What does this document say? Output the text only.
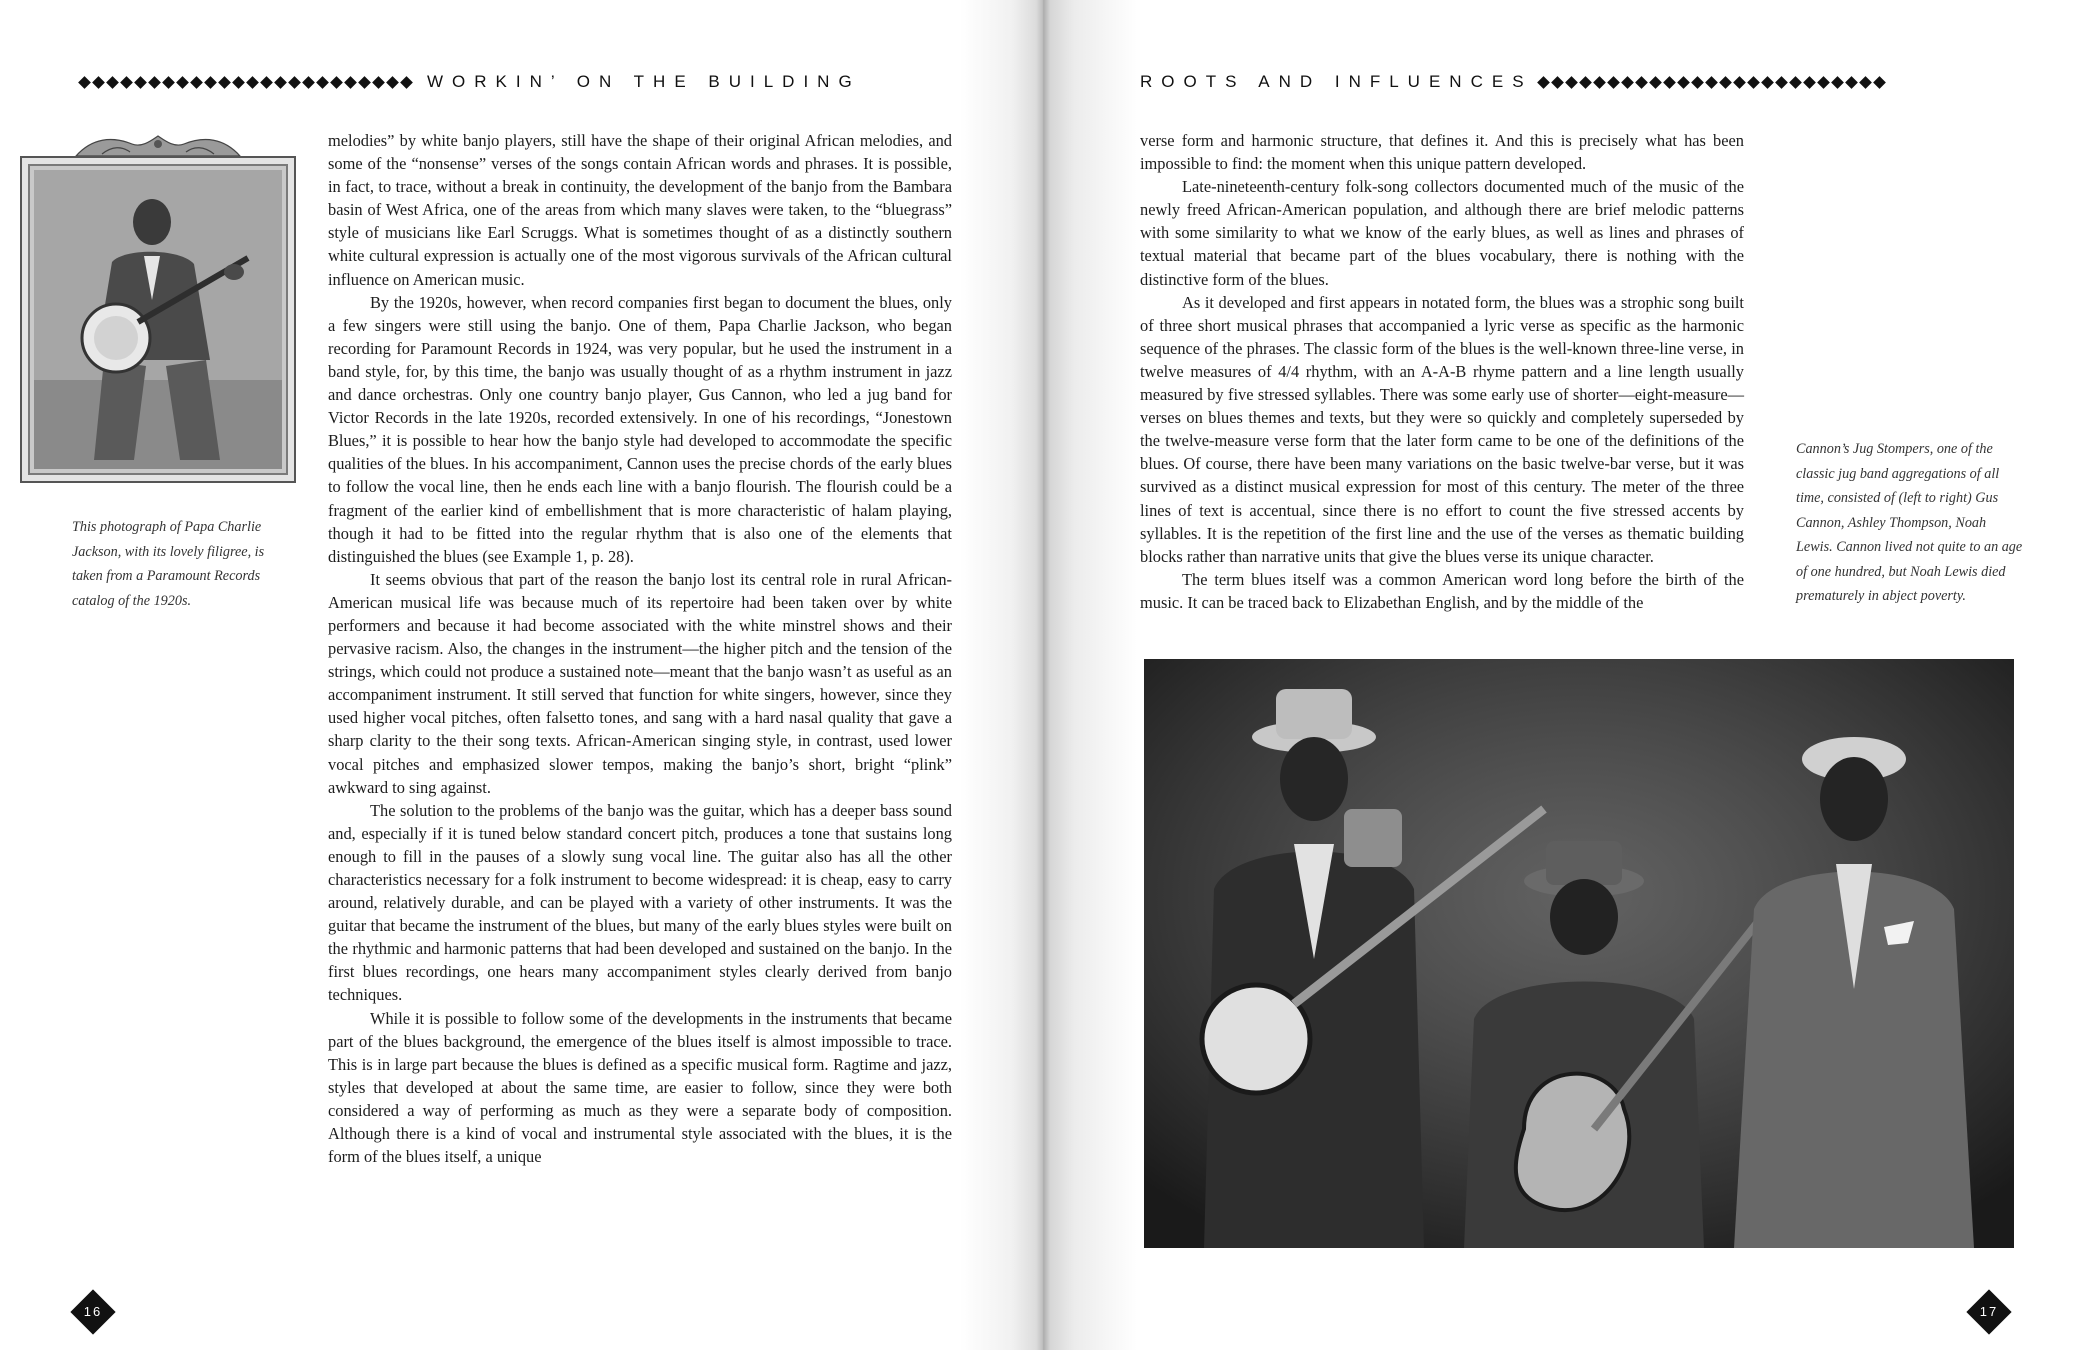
WORKIN’ ON THE BUILDING
This photograph of Papa Charlie Jackson, with its lovely filigree, is taken from a Paramount Records catalog of the 1920s.

melodies” by white banjo players, still have the shape of their original African melodies, and some of the “nonsense” verses of the songs contain African words and phrases. It is possible, in fact, to trace, without a break in continuity, the development of the banjo from the Bambara basin of West Africa, one of the areas from which many slaves were taken, to the “bluegrass” style of musicians like Earl Scruggs. What is sometimes thought of as a distinctly southern white cultural expression is actually one of the most vigorous survivals of the African cultural influence on American music.

By the 1920s, however, when record companies first began to document the blues, only a few singers were still using the banjo. One of them, Papa Charlie Jackson, who began recording for Paramount Records in 1924, was very popular, but he used the instrument in a band style, for, by this time, the banjo was usually thought of as a rhythm instrument in jazz and dance orchestras. Only one country banjo player, Gus Cannon, who led a jug band for Victor Records in the late 1920s, recorded extensively. In one of his recordings, “Jonestown Blues,” it is possible to hear how the banjo style had developed to accommodate the specific qualities of the blues. In his accompaniment, Cannon uses the precise chords of the early blues to follow the vocal line, then he ends each line with a banjo flourish. The flourish could be a fragment of the earlier kind of embellishment that is more characteristic of halam playing, though it had to be fitted into the regular rhythm that is also one of the elements that distinguished the blues (see Example 1, p. 28).

It seems obvious that part of the reason the banjo lost its central role in rural African-American musical life was because much of its repertoire had been taken over by white performers and because it had become associated with the white minstrel shows and their pervasive racism. Also, the changes in the instrument—the higher pitch and the tension of the strings, which could not produce a sustained note—meant that the banjo wasn’t as useful as an accompaniment instrument. It still served that function for white singers, however, since they used higher vocal pitches, often falsetto tones, and sang with a hard nasal quality that gave a sharp clarity to the their song texts. African-American singing style, in contrast, used lower vocal pitches and emphasized slower tempos, making the banjo’s short, bright “plink” awkward to sing against.

The solution to the problems of the banjo was the guitar, which has a deeper bass sound and, especially if it is tuned below standard concert pitch, produces a tone that sustains long enough to fill in the pauses of a slowly sung vocal line. The guitar also has all the other characteristics necessary for a folk instrument to become widespread: it is cheap, easy to carry around, relatively durable, and can be played with a variety of other instruments. It was the guitar that became the instrument of the blues, but many of the early blues styles were built on the rhythmic and harmonic patterns that had been developed and sustained on the banjo. In the first blues recordings, one hears many accompaniment styles clearly derived from banjo techniques.

While it is possible to follow some of the developments in the instruments that became part of the blues background, the emergence of the blues itself is almost impossible to trace. This is in large part because the blues is defined as a specific musical form. Ragtime and jazz, styles that developed at about the same time, are easier to follow, since they were both considered a way of performing as much as they were a separate body of composition. Although there is a kind of vocal and instrumental style associated with the blues, it is the form of the blues itself, a unique

16
ROOTS AND INFLUENCES

verse form and harmonic structure, that defines it. And this is precisely what has been impossible to find: the moment when this unique pattern developed.

Late-nineteenth-century folk-song collectors documented much of the music of the newly freed African-American population, and although there are brief melodic patterns with some similarity to what we know of the early blues, as well as lines and phrases of textual material that became part of the blues vocabulary, there is nothing with the distinctive form of the blues.

As it developed and first appears in notated form, the blues was a strophic song built of three short musical phrases that accompanied a lyric verse as specific as the harmonic sequence of the phrases. The classic form of the blues is the well-known three-line verse, in twelve measures of 4/4 rhythm, with an A-A-B rhyme pattern and a line length usually measured by five stressed syllables. There was some early use of shorter—eight-measure—verses on blues themes and texts, but they were so quickly and completely superseded by the twelve-measure verse form that the later form came to be one of the definitions of the blues. Of course, there have been many variations on the basic twelve-bar verse, but it was survived as a distinct musical expression for most of this century. The meter of the three lines of text is accentual, since there is no effort to count the five stressed accents by syllables. It is the repetition of the first line and the use of the verses as thematic building blocks rather than narrative units that give the blues verse its unique character.

The term blues itself was a common American word long before the birth of the music. It can be traced back to Elizabethan English, and by the middle of the

Cannon’s Jug Stompers, one of the classic jug band aggregations of all time, consisted of (left to right) Gus Cannon, Ashley Thompson, Noah Lewis. Cannon lived not quite to an age of one hundred, but Noah Lewis died prematurely in abject poverty.
17
